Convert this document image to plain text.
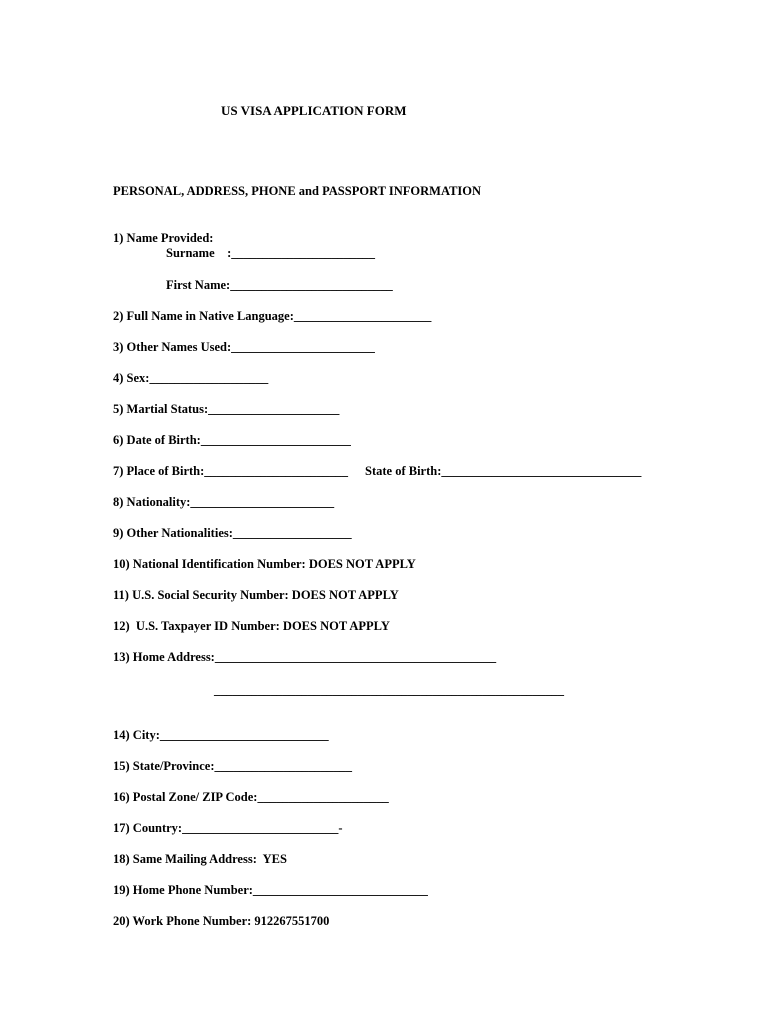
US VISA APPLICATION FORM
PERSONAL, ADDRESS, PHONE and PASSPORT INFORMATION
1) Name Provided:
Surname    :_______________________
First Name:__________________________
2) Full Name in Native Language:______________________
3) Other Names Used:_______________________
4) Sex:___________________
5) Martial Status:_____________________
6) Date of Birth:________________________
7) Place of Birth:_______________________ State of Birth:________________________________
8) Nationality:_______________________
9) Other Nationalities:___________________
10) National Identification Number: DOES NOT APPLY
11) U.S. Social Security Number: DOES NOT APPLY
12)  U.S. Taxpayer ID Number: DOES NOT APPLY
13) Home Address:_____________________________________________
________________________________________________________
14) City:___________________________
15) State/Province:______________________
16) Postal Zone/ ZIP Code:_____________________
17) Country:_________________________-
18) Same Mailing Address:  YES
19) Home Phone Number:____________________________
20) Work Phone Number: 912267551700
